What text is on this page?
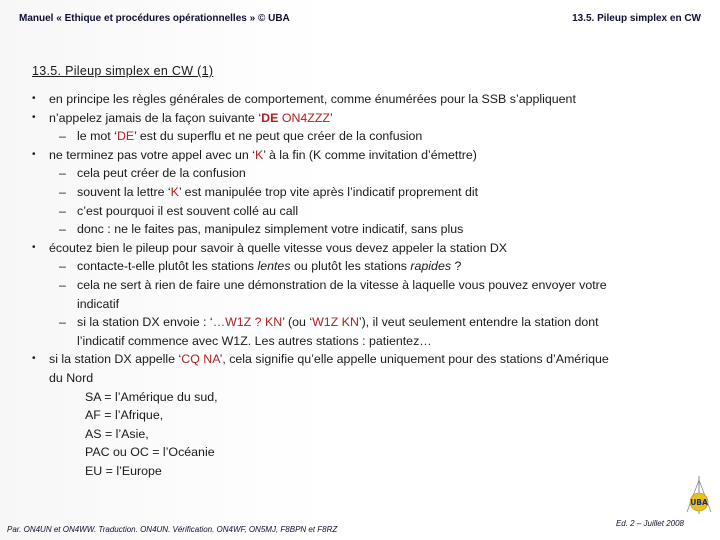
Manuel « Ethique et procédures opérationnelles » © UBA	13.5. Pileup simplex en CW
13.5. Pileup simplex en CW (1)
• en principe les règles générales de comportement, comme énumérées pour la SSB s’appliquent
• n’appelez jamais de la façon suivante ‘DE ON4ZZZ’
– le mot ‘DE’ est du superflu et ne peut que créer de la confusion
• ne terminez pas votre appel avec un ‘K’ à la fin (K comme invitation d’émettre)
– cela peut créer de la confusion
– souvent la lettre ‘K’ est manipulée trop vite après l’indicatif proprement dit
– c’est pourquoi il est souvent collé au call
– donc : ne le faites pas, manipulez simplement votre indicatif, sans plus
• écoutez bien le pileup pour savoir à quelle vitesse vous devez appeler la station DX
– contacte-t-elle plutôt les stations lentes ou plutôt les stations rapides ?
– cela ne sert à rien de faire une démonstration de la vitesse à laquelle vous pouvez envoyer votre
indicatif
– si la station DX envoie : ‘…W1Z ? KN’ (ou ‘W1Z KN’), il veut seulement entendre la station dont
l’indicatif commence avec W1Z. Les autres stations : patientez…
• si la station DX appelle ‘CQ NA’, cela signifie qu’elle appelle uniquement pour des stations d’Amérique
du Nord
SA = l’Amérique du sud,
AF = l’Afrique,
AS = l’Asie,
PAC ou OC = l’Océanie
EU = l’Europe
UBA
Par. ON4UN et ON4WW. Traduction. ON4UN. Vérification. ON4WF, ON5MJ, F8BPN et F8RZ
Ed. 2 – Juillet 2008
